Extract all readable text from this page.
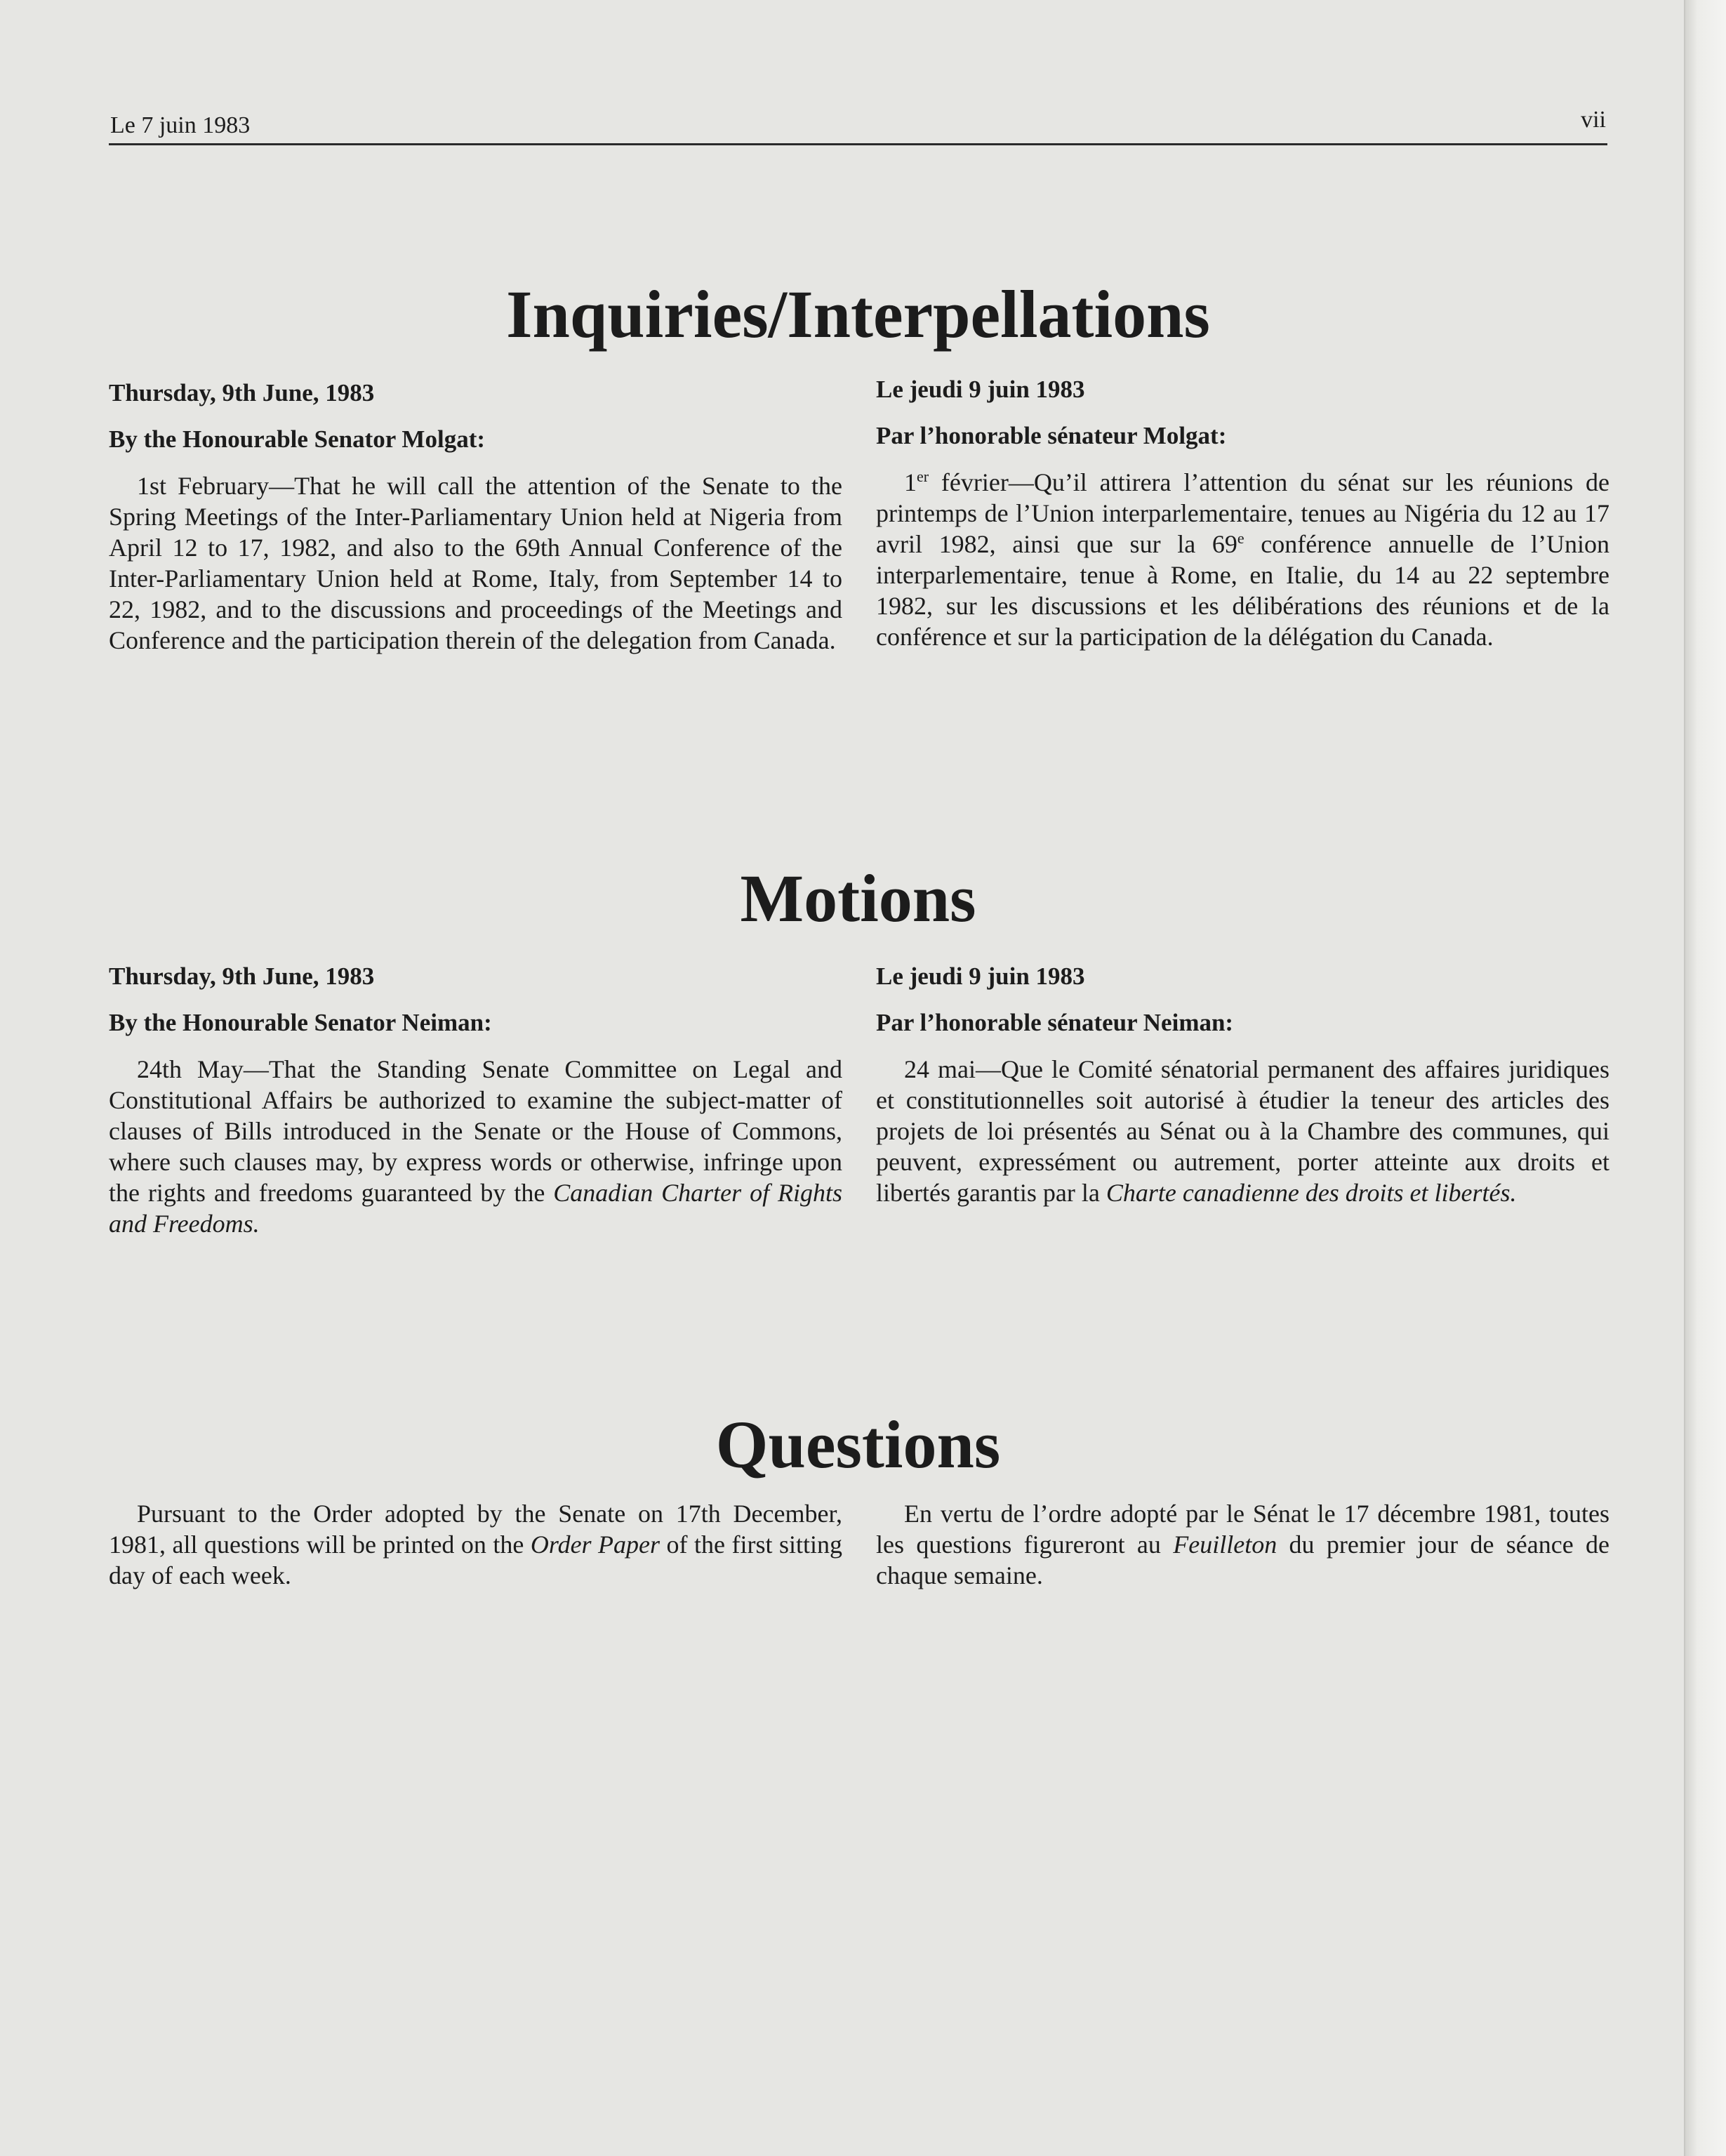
Le 7 juin 1983	vii
Inquiries/Interpellations
Thursday, 9th June, 1983
By the Honourable Senator Molgat:

1st February—That he will call the attention of the Senate to the Spring Meetings of the Inter-Parliamentary Union held at Nigeria from April 12 to 17, 1982, and also to the 69th Annual Conference of the Inter-Parliamentary Union held at Rome, Italy, from September 14 to 22, 1982, and to the discussions and proceedings of the Meetings and Conference and the participation therein of the delegation from Canada.

Le jeudi 9 juin 1983
Par l’honorable sénateur Molgat:

1er février—Qu’il attirera l’attention du sénat sur les réunions de printemps de l’Union interparlementaire, tenues au Nigéria du 12 au 17 avril 1982, ainsi que sur la 69e conférence annuelle de l’Union interparlementaire, tenue à Rome, en Italie, du 14 au 22 septembre 1982, sur les discussions et les délibérations des réunions et de la conférence et sur la participation de la délégation du Canada.

Motions
Thursday, 9th June, 1983
By the Honourable Senator Neiman:

24th May—That the Standing Senate Committee on Legal and Constitutional Affairs be authorized to examine the subject-matter of clauses of Bills introduced in the Senate or the House of Commons, where such clauses may, by express words or otherwise, infringe upon the rights and freedoms guaranteed by the Canadian Charter of Rights and Freedoms.

Le jeudi 9 juin 1983
Par l’honorable sénateur Neiman:

24 mai—Que le Comité sénatorial permanent des affaires juridiques et constitutionnelles soit autorisé à étudier la teneur des articles des projets de loi présentés au Sénat ou à la Chambre des communes, qui peuvent, expressément ou autrement, porter atteinte aux droits et libertés garantis par la Charte canadienne des droits et libertés.

Questions

Pursuant to the Order adopted by the Senate on 17th December, 1981, all questions will be printed on the Order Paper of the first sitting day of each week.

En vertu de l’ordre adopté par le Sénat le 17 décembre 1981, toutes les questions figureront au Feuilleton du premier jour de séance de chaque semaine.
